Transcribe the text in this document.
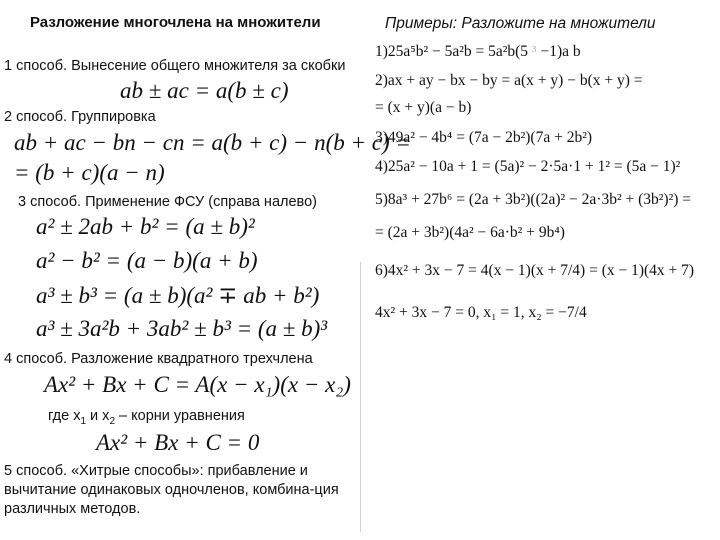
Разложение многочлена на множители
1 способ. Вынесение общего множителя за скобки
ab ± ac = a(b ± c)
2 способ. Группировка
ab + ac − bn − cn = a(b + c) − n(b + c) =
= (b + c)(a − n)
3 способ. Применение ФСУ (справа налево)
a² ± 2ab + b² = (a ± b)²
a² − b² = (a − b)(a + b)
a³ ± b³ = (a ± b)(a² ∓ ab + b²)
a³ ± 3a²b + 3ab² ± b³ = (a ± b)³
4 способ. Разложение квадратного трехчлена
Ax² + Bx + C = A(x − x₁)(x − x₂)
где $x_1$ и $x_2$ – корни уравнения
Ax² + Bx + C = 0
5 способ. «Хитрые способы»: прибавление и вычитание одинаковых одночленов, комбина-ция различных методов.
Примеры: Разложите на множители
1)25a⁵b² − 5a²b = 5a²b(5 ³ −1)a b
2)ax + ay − bx − by = a(x + y) − b(x + y) =
= (x + y)(a − b)
3)49a² − 4b⁴ = (7a − 2b²)(7a + 2b²)
4)25a² − 10a + 1 = (5a)² − 2·5a·1 + 1² = (5a − 1)²
5)8a³ + 27b⁶ = (2a + 3b²)((2a)² − 2a·3b² + (3b²)²) =
= (2a + 3b²)(4a² − 6a·b² + 9b⁴)
6)4x² + 3x − 7 = 4(x − 1)(x + 7/4) = (x − 1)(4x + 7)
4x² + 3x − 7 = 0, x₁ = 1, x₂ = −7/4
